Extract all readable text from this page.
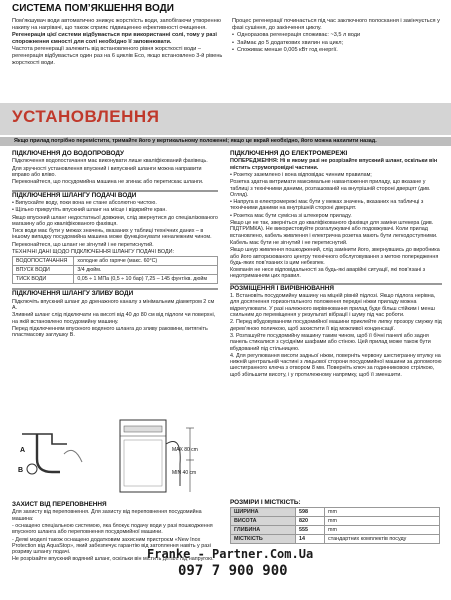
СИСТЕМА ПОМ’ЯКШЕННЯ ВОДИ

Пом’якшувач води автоматично знижує жорсткість води, запобігаючи утворенню накипу на нагрівачі, що також сприяє підвищенню ефективності очищення.

Регенерація цієї системи відбувається при використанні солі, тому у разі спорожнення ємності для солі необхідно її заповнювати.

Частота регенерації залежить від встановленого рівня жорсткості води – регенерація відбувається один раз на 6 циклів Eco, якщо встановлено 3-й рівень жорсткості води.

Процес регенерації починається під час заключного полоскання і закінчується у фазі сушіння, до закінчення циклу.

• Одноразова регенерація споживає: ~3,5 л води

• Займає до 5 додаткових хвилин на цикл;

• Споживає менше 0,005 кВт год енергії.

УСТАНОВЛЕННЯ
Якщо прилад потрібно перемістити, тримайте його у вертикальному положенні; якщо це вкрай необхідно, його можна нахилити назад.
ПІДКЛЮЧЕННЯ ДО ВОДОПРОВОДУ

Підключення водопостачання має виконувати лише кваліфікований фахівець.

Для зручності установлення впускний і випускний шланги можна направити вправо або вліво.

Переконайтеся, що посудомийна машина не згинає або перетискає шланги.

ПІДКЛЮЧЕННЯ ШЛАНГУ ПОДАЧІ ВОДИ

• Випускайте воду, поки вона не стане абсолютно чистою.

• Щільно прикрутіть впускний шланг на місце і відкрийте кран.

Якщо впускний шланг недостатньої довжини, слід звернутися до спеціалізованого магазину або до кваліфікованого фахівця.

Тиск води має бути у межах значень, вказаних у таблиці технічних даних – в іншому випадку посудомийна машина може функціонувати неналежним чином.

Переконайтеся, що шланг не зігнутий і не перетиснутий.

ТЕХНІЧНІ ДАНІ ЩОДО ПІДКЛЮЧЕННЯ ШЛАНГУ ПОДАЧІ ВОДИ:

ВОДОПОСТАЧАННЯ	холодне або гаряче (макс. 60°C)
ВПУСК ВОДИ	3/4 дюйм.
ТИСК ВОДИ	0,05 ÷ 1 МПа (0,5 ÷ 10 бар) 7,25 – 145 фунт/кв. дюйм
ПІДКЛЮЧЕННЯ ШЛАНГУ ЗЛИВУ ВОДИ

Підключіть впускний шланг до дренажного каналу з мінімальним діаметром 2 см A.

Зливний шланг слід підключати на висоті від 40 до 80 см від підлоги чи поверхні, на якій встановлено посудомийну машину.

Перед підключенням впускного водяного шланга до зливу раковини, витягніть пластмасову заглушку B.

A
B
MAX 80 cm
MIN 40 cm
ЗАХИСТ ВІД ПЕРЕПОВНЕННЯ

Для захисту від переповнення. Для захисту від переповнення посудомийна машина:

- оснащено спеціальною системою, яка блокує подачу води у разі пошкодження впускного шланга або переповнення посудомийної машини.

- Деякі моделі також оснащено додатковим захисним пристроєм «New Inox Protection від AquaStop», який забезпечує гарантію від затоплення навіть у разі розриву шлангу подачі.

Не розрізайте впускний водяний шланг, оскільки він містить деталі під напругою.

ПІДКЛЮЧЕННЯ ДО ЕЛЕКТРОМЕРЕЖІ

ПОПЕРЕДЖЕННЯ: Ні в якому разі не розрізайте впускний шланг, оскільки він містить струмопровідні частини.

• Розетку заземлено і вона відповідає чинним правилам;

Розетка здатна витримати максимальне навантаження приладу, що вказане у таблиці з технічними даними, розташованій на внутрішній стороні дверцят (див. Огляд).

• Напруга в електромережі має бути у межах значень, вказаних на табличці з технічними даними на внутрішній стороні дверцят.

• Розетка має бути сумісна зі штекером приладу.

Якщо це не так, зверніться до кваліфікованого фахівця для заміни штекера (див. ПІДТРИМКА). Не використовуйте розгалужувачі або подовжувачі. Коли прилад встановлено, кабель живлення і електрична розетка мають бути легкодоступними.

Кабель має бути не зігнутий і не перетиснутий.

Якщо шнур живлення пошкоджений, слід замінити його, звернувшись до виробника або його авторизованого центру технічного обслуговування з метою попередження будь-яких пов’язаних із цим небезпек.

Компанія не несе відповідальності за будь-які аварійні ситуації, які пов’язані з недотриманням цих правил.

РОЗМІЩЕННЯ І ВИРІВНЮВАННЯ

1. Встановіть посудомийну машину на міцній рівній підлозі. Якщо підлога нерівна, для досягнення горизонтального положення передні ніжки приладу можна відрегулювати. У разі належного вирівнювання прилад буде більш стійким і менш схильним до переміщення у результаті вібрації і шуму під час роботи.

2. Перед вбудовуванням посудомийної машини приклейте липку прозору смужку під дерев’яною поличкою, щоб захистити її від можливої конденсації.

3. Розташуйте посудомийну машину таким чином, щоб її бічні панелі або задня панель стикалися з сусідніми шафами або стіною. Цей прилад може також бути вбудований під стільницею.

4. Для регулювання висоти задньої ніжки, поверніть червону шестигранну втулку на нижній центральній частині з лицьової сторони посудомийної машини за допомогою шестигранного ключа з отвором 8 мм. Поверніть ключ за годинниковою стрілкою, щоб збільшити висоту, і у протилежному напрямку, щоб її зменшити.

РОЗМІРИ І МІСТКІСТЬ:
ШИРИНА	598	mm
ВИСОТА	820	mm
ГЛИБИНА	555	mm
МІСТКІСТЬ	14	стандартних комплектів посуду
Franke - Partner.Com.Ua
097 7 900 900
